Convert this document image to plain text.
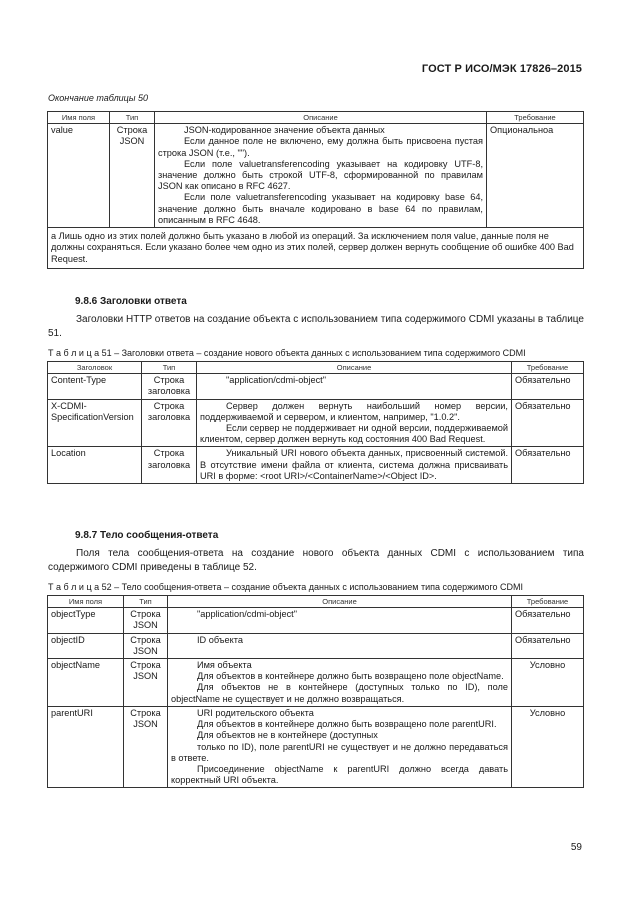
ГОСТ Р ИСО/МЭК 17826–2015
Окончание таблицы 50
Имя поля	Тип	Описание	Требование
value	Строка JSON	JSON-кодированное значение объекта данных

Если данное поле не включено, ему должна быть присвоена пустая строка JSON (т.е., "").

Если поле valuetransferencoding указывает на кодировку UTF-8, значение должно быть строкой UTF-8, сформированной по правилам JSON как описано в RFC 4627.

Если поле valuetransferencoding указывает на кодировку base 64, значение должно быть вначале кодировано в base 64 по правилам, описанным в RFC 4648.	Опциональноa
a Лишь одно из этих полей должно быть указано в любой из операций. За исключением поля value, данные поля не должны сохраняться. Если указано более чем одно из этих полей, сервер должен вернуть сообщение об ошибке 400 Bad Request.			
9.8.6 Заголовки ответа
Заголовки HTTP ответов на создание объекта с использованием типа содержимого CDMI указаны в таблице 51.
Т а б л и ц а 51 – Заголовки ответа – создание нового объекта данных с использованием типа содержимого CDMI
Заголовок	Тип	Описание	Требование
Content-Type	Строка заголовка	"application/cdmi-object"	Обязательно
X-CDMI-SpecificationVersion	Строка заголовка	Сервер должен вернуть наибольший номер версии, поддерживаемой и сервером, и клиентом, например, "1.0.2".

Если сервер не поддерживает ни одной версии, поддерживаемой клиентом, сервер должен вернуть код состояния 400 Bad Request.	Обязательно
Location	Строка заголовка	Уникальный URI нового объекта данных, присвоенный системой. В отсутствие имени файла от клиента, система должна присваивать URI в форме: <root URI>/<ContainerName>/<Object ID>.	Обязательно
9.8.7 Тело сообщения-ответа
Поля тела сообщения-ответа на создание нового объекта данных CDMI с использованием типа содержимого CDMI приведены в таблице 52.
Т а б л и ц а 52 – Тело сообщения-ответа – создание объекта данных с использованием типа содержимого CDMI
Имя поля	Тип	Описание	Требование
objectType	Строка JSON	"application/cdmi-object"	Обязательно
objectID	Строка JSON	ID объекта	Обязательно
objectName	Строка JSON	Имя объекта

Для объектов в контейнере должно быть возвращено поле objectName.

Для объектов не в контейнере (доступных только по ID), поле objectName не существует и не должно возвращаться.	Условно
parentURI	Строка JSON	URI родительского объекта

Для объектов в контейнере должно быть возвращено поле parentURI.

Для объектов не в контейнере (доступных

только по ID), поле parentURI не существует и не должно передаваться в ответе.

Присоединение objectName к parentURI должно всегда давать корректный URI объекта.	Условно
59
